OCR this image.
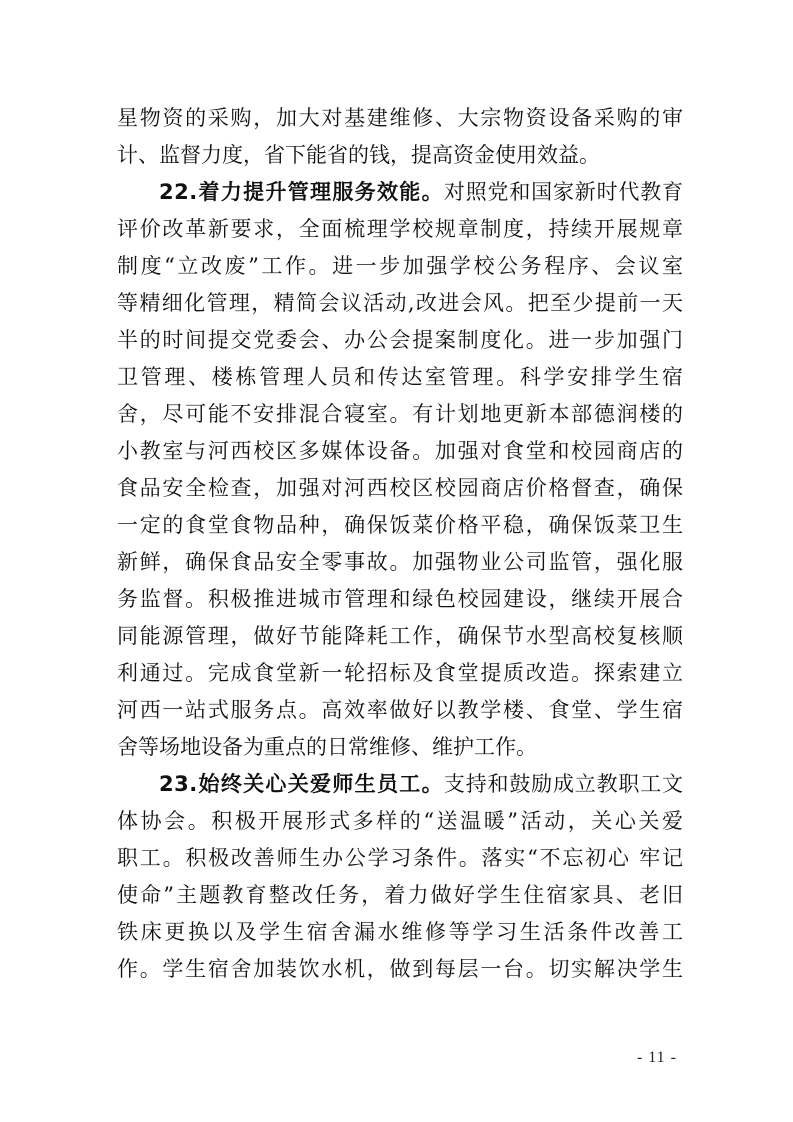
星物资的采购，加大对基建维修、大宗物资设备采购的审
计、监督力度，省下能省的钱，提高资金使用效益。
22.着力提升管理服务效能。对照党和国家新时代教育
评价改革新要求，全面梳理学校规章制度，持续开展规章
制度“立改废”工作。进一步加强学校公务程序、会议室
等精细化管理，精简会议活动,改进会风。把至少提前一天
半的时间提交党委会、办公会提案制度化。进一步加强门
卫管理、楼栋管理人员和传达室管理。科学安排学生宿
舍，尽可能不安排混合寝室。有计划地更新本部德润楼的
小教室与河西校区多媒体设备。加强对食堂和校园商店的
食品安全检查，加强对河西校区校园商店价格督查，确保
一定的食堂食物品种，确保饭菜价格平稳，确保饭菜卫生
新鲜，确保食品安全零事故。加强物业公司监管，强化服
务监督。积极推进城市管理和绿色校园建设，继续开展合
同能源管理，做好节能降耗工作，确保节水型高校复核顺
利通过。完成食堂新一轮招标及食堂提质改造。探索建立
河西一站式服务点。高效率做好以教学楼、食堂、学生宿
舍等场地设备为重点的日常维修、维护工作。
23.始终关心关爱师生员工。支持和鼓励成立教职工文
体协会。积极开展形式多样的“送温暖”活动，关心关爱
职工。积极改善师生办公学习条件。落实“不忘初心 牢记
使命”主题教育整改任务，着力做好学生住宿家具、老旧
铁床更换以及学生宿舍漏水维修等学习生活条件改善工
作。学生宿舍加装饮水机，做到每层一台。切实解决学生
- 11 -
